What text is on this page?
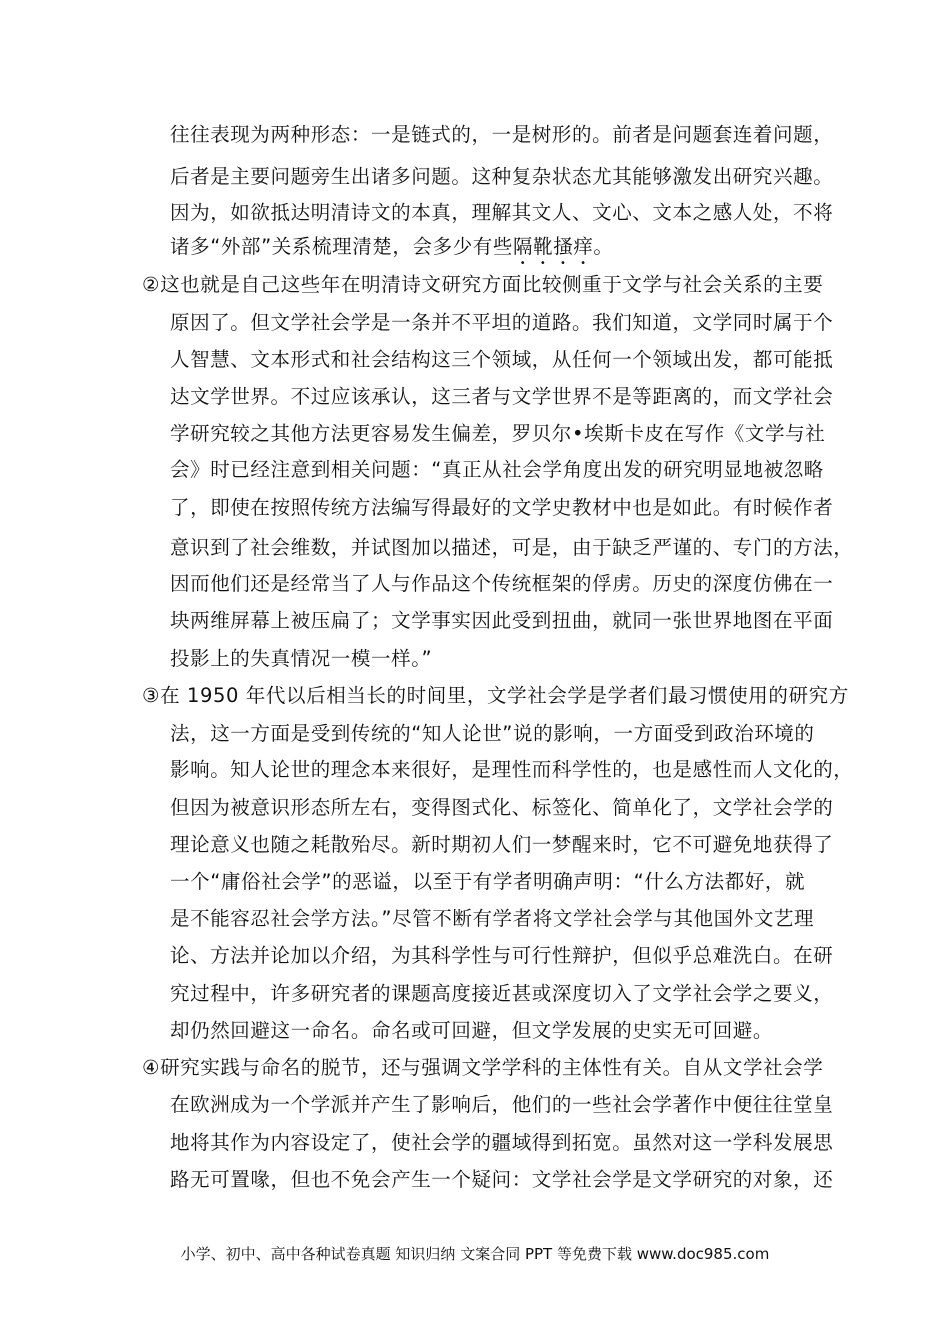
往往表现为两种形态：一是链式的，一是树形的。前者是问题套连着问题，
后者是主要问题旁生出诸多问题。这种复杂状态尤其能够激发出研究兴趣。
因为，如欲抵达明清诗文的本真，理解其文人、文心、文本之感人处，不将
诸多“外部”关系梳理清楚，会多少有些隔靴搔痒。
②这也就是自己这些年在明清诗文研究方面比较侧重于文学与社会关系的主要
原因了。但文学社会学是一条并不平坦的道路。我们知道，文学同时属于个
人智慧、文本形式和社会结构这三个领域，从任何一个领域出发，都可能抵
达文学世界。不过应该承认，这三者与文学世界不是等距离的，而文学社会
学研究较之其他方法更容易发生偏差，罗贝尔•埃斯卡皮在写作《文学与社
会》时已经注意到相关问题：“真正从社会学角度出发的研究明显地被忽略
了，即使在按照传统方法编写得最好的文学史教材中也是如此。有时候作者
意识到了社会维数，并试图加以描述，可是，由于缺乏严谨的、专门的方法，
因而他们还是经常当了人与作品这个传统框架的俘虏。历史的深度仿佛在一
块两维屏幕上被压扁了；文学事实因此受到扭曲，就同一张世界地图在平面
投影上的失真情况一模一样。”
③在 1950 年代以后相当长的时间里，文学社会学是学者们最习惯使用的研究方
法，这一方面是受到传统的“知人论世”说的影响，一方面受到政治环境的
影响。知人论世的理念本来很好，是理性而科学性的，也是感性而人文化的，
但因为被意识形态所左右，变得图式化、标签化、简单化了，文学社会学的
理论意义也随之耗散殆尽。新时期初人们一梦醒来时，它不可避免地获得了
一个“庸俗社会学”的恶谥，以至于有学者明确声明：“什么方法都好，就
是不能容忍社会学方法。”尽管不断有学者将文学社会学与其他国外文艺理
论、方法并论加以介绍，为其科学性与可行性辩护，但似乎总难洗白。在研
究过程中，许多研究者的课题高度接近甚或深度切入了文学社会学之要义，
却仍然回避这一命名。命名或可回避，但文学发展的史实无可回避。
④研究实践与命名的脱节，还与强调文学学科的主体性有关。自从文学社会学
在欧洲成为一个学派并产生了影响后，他们的一些社会学著作中便往往堂皇
地将其作为内容设定了，使社会学的疆域得到拓宽。虽然对这一学科发展思
路无可置喙，但也不免会产生一个疑问：文学社会学是文学研究的对象，还
小学、初中、高中各种试卷真题 知识归纳 文案合同 PPT 等免费下载 www.doc985.com
